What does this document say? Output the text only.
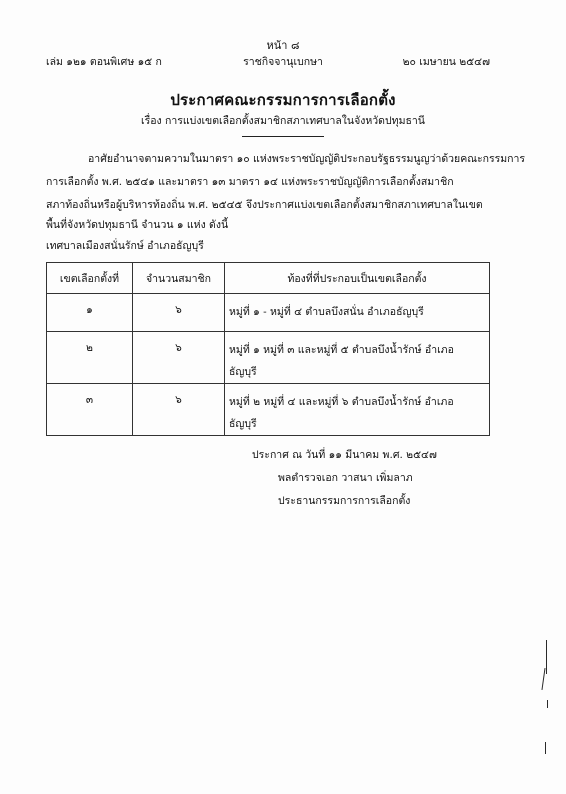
หน้า ๘
เล่ม ๑๒๑ ตอนพิเศษ ๑๕ ก	ราชกิจจานุเบกษา	๒๐ เมษายน ๒๕๔๗
ประกาศคณะกรรมการการเลือกตั้ง
เรื่อง การแบ่งเขตเลือกตั้งสมาชิกสภาเทศบาลในจังหวัดปทุมธานี
อาศัยอำนาจตามความในมาตรา ๑๐ แห่งพระราชบัญญัติประกอบรัฐธรรมนูญว่าด้วยคณะกรรมการ
การเลือกตั้ง พ.ศ. ๒๕๔๑ และมาตรา ๑๓ มาตรา ๑๔ แห่งพระราชบัญญัติการเลือกตั้งสมาชิก
สภาท้องถิ่นหรือผู้บริหารท้องถิ่น พ.ศ. ๒๕๔๕ จึงประกาศแบ่งเขตเลือกตั้งสมาชิกสภาเทศบาลในเขต
พื้นที่จังหวัดปทุมธานี จำนวน ๑ แห่ง ดังนี้
เทศบาลเมืองสนั่นรักษ์ อำเภอธัญบุรี
เขตเลือกตั้งที่	จำนวนสมาชิก	ท้องที่ที่ประกอบเป็นเขตเลือกตั้ง
๑	๖	หมู่ที่ ๑ - หมู่ที่ ๔ ตำบลบึงสนั่น อำเภอธัญบุรี

๒	๖	หมู่ที่ ๑ หมู่ที่ ๓ และหมู่ที่ ๕ ตำบลบึงน้ำรักษ์ อำเภอ
ธัญบุรี

๓	๖	หมู่ที่ ๒ หมู่ที่ ๔ และหมู่ที่ ๖ ตำบลบึงน้ำรักษ์ อำเภอ
ธัญบุรี
ประกาศ ณ วันที่ ๑๑ มีนาคม พ.ศ. ๒๕๔๗
พลตำรวจเอก วาสนา เพิ่มลาภ
ประธานกรรมการการเลือกตั้ง
